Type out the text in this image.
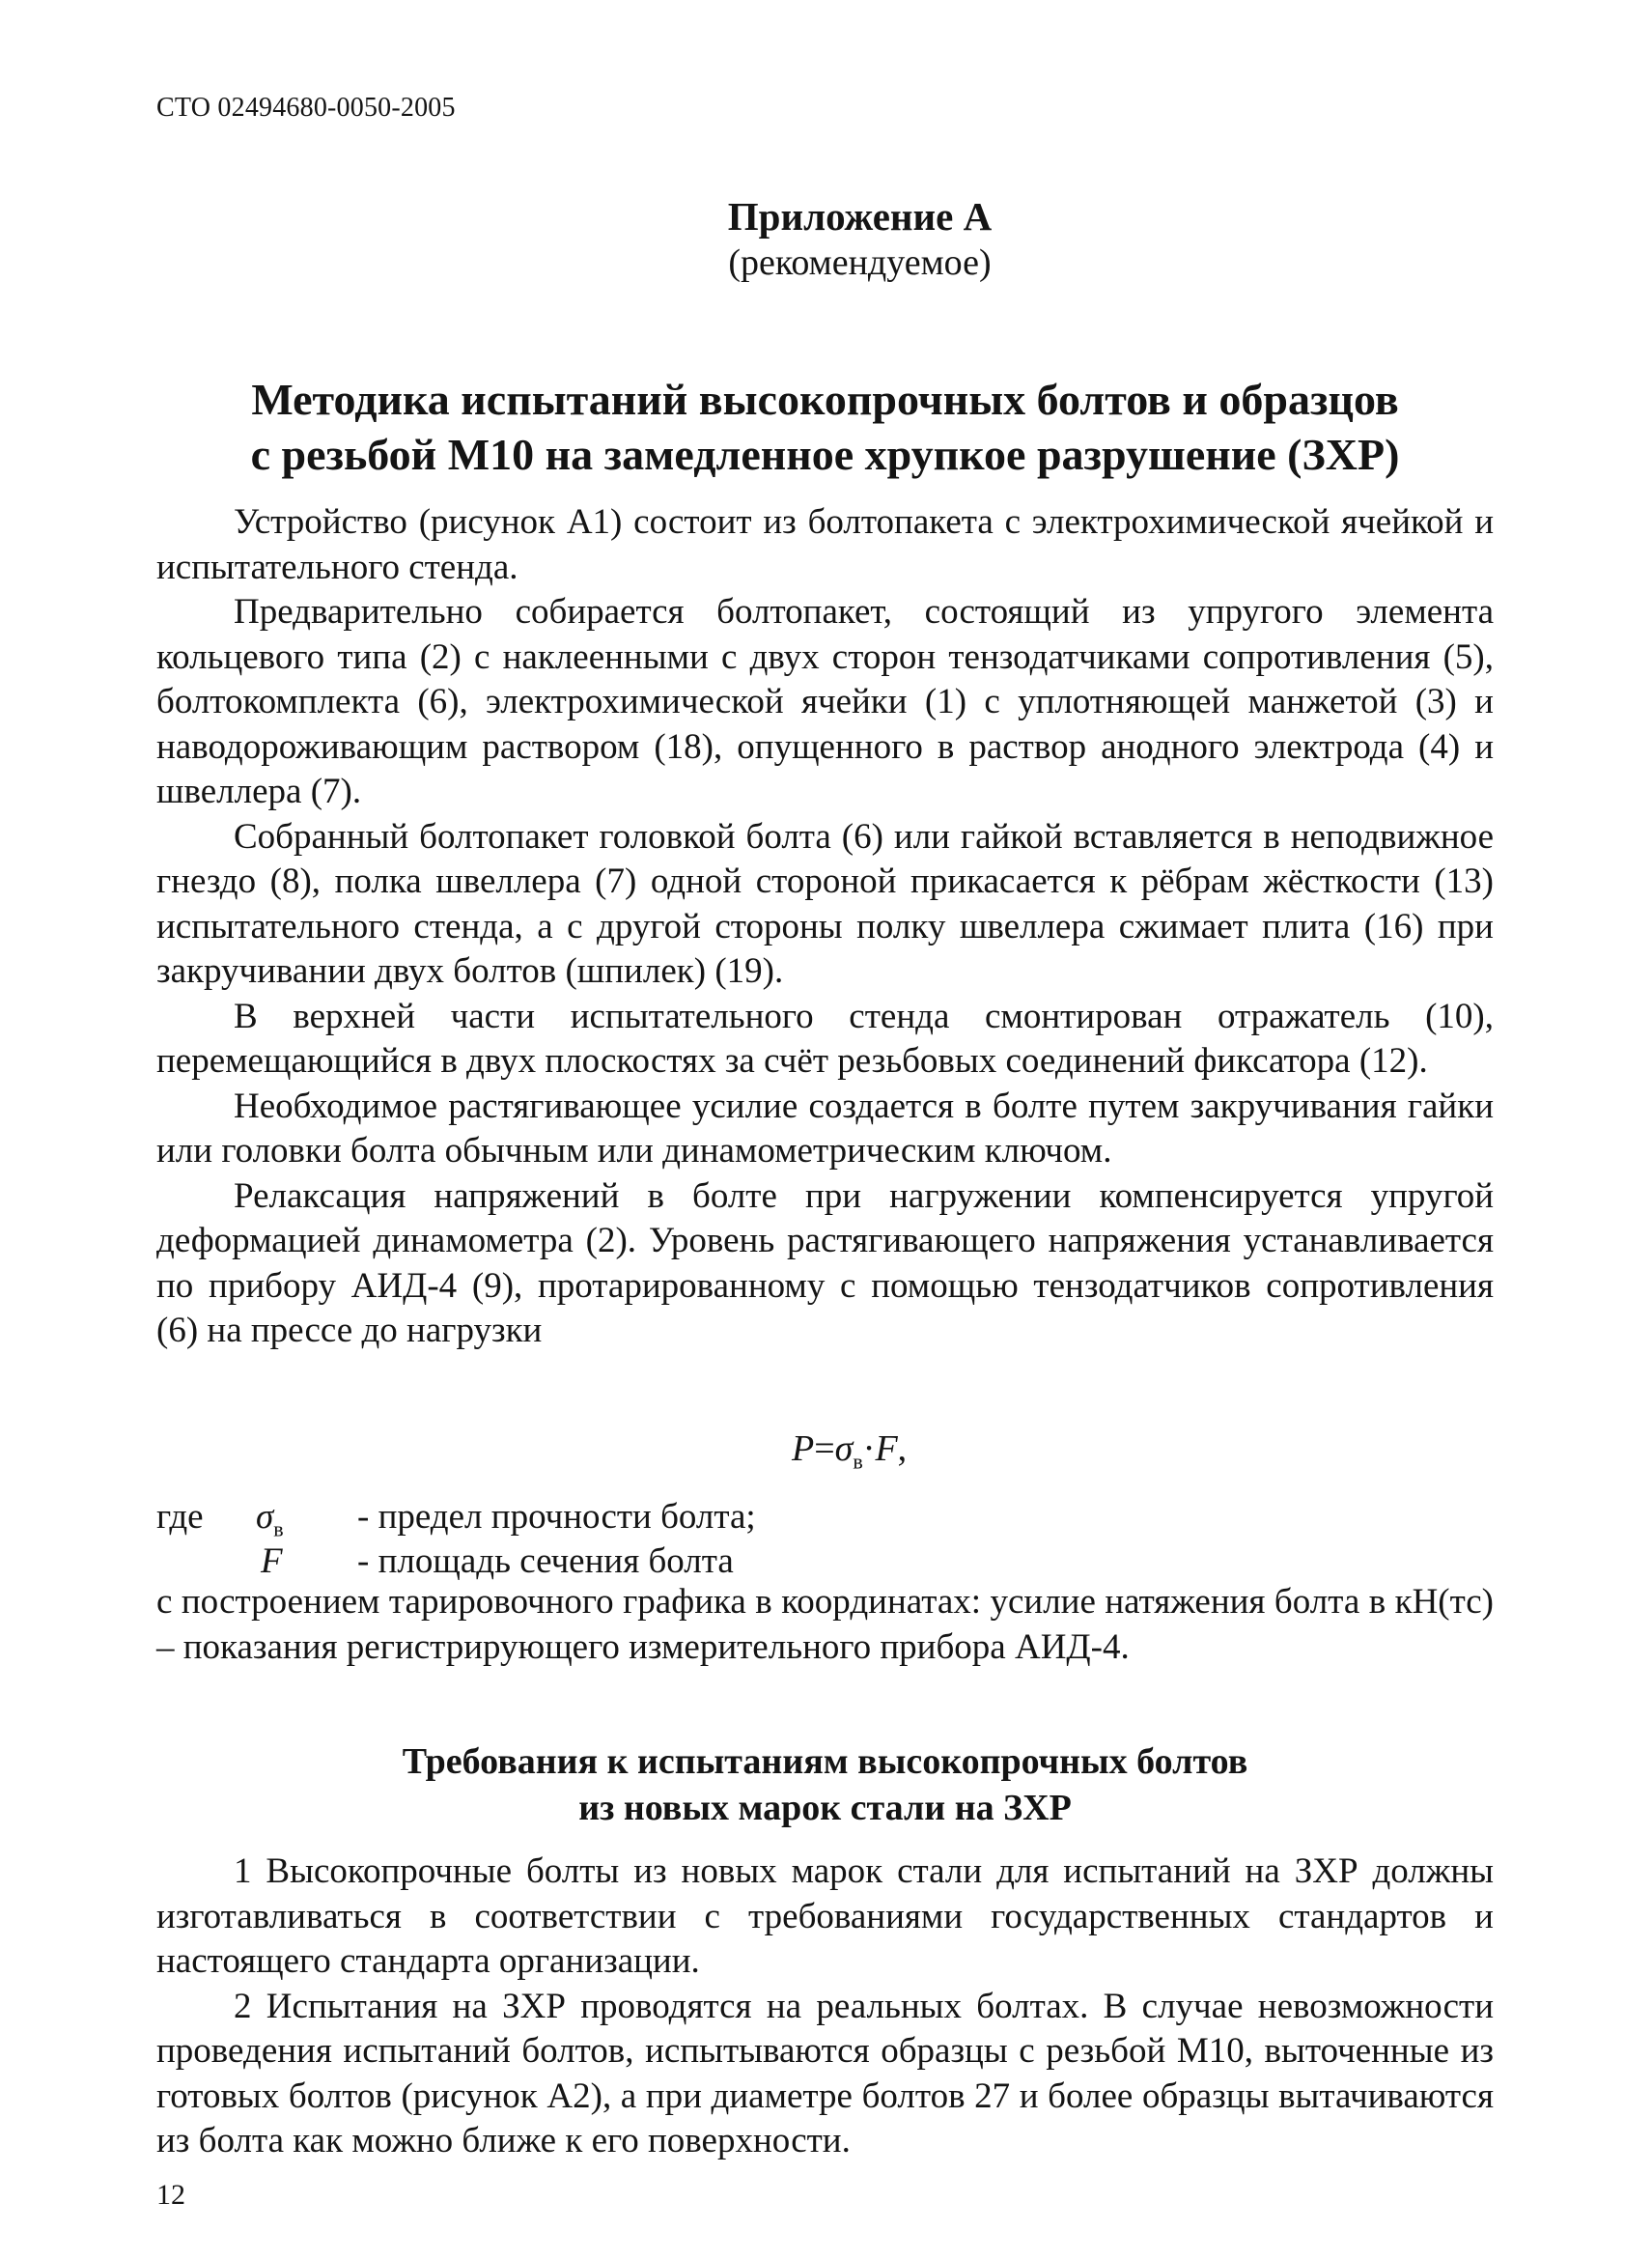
СТО 02494680-0050-2005
Приложение А
(рекомендуемое)
Методика испытаний высокопрочных болтов и образцов
с резьбой М10 на замедленное хрупкое разрушение (ЗХР)

Устройство (рисунок А1) состоит из болтопакета с электрохимической ячейкой и испытательного стенда.

Предварительно собирается болтопакет, состоящий из упругого элемента кольцевого типа (2) с наклеенными с двух сторон тензодатчиками сопротивления (5), болтокомплекта (6), электрохимической ячейки (1) с уплотняющей манжетой (3) и наводороживающим раствором (18), опущенного в раствор анодного электрода (4) и швеллера (7).

Собранный болтопакет головкой болта (6) или гайкой вставляется в неподвижное гнездо (8), полка швеллера (7) одной стороной прикасается к рёбрам жёсткости (13) испытательного стенда, а с другой стороны полку швеллера сжимает плита (16) при закручивании двух болтов (шпилек) (19).

В верхней части испытательного стенда смонтирован отражатель (10), перемещающийся в двух плоскостях за счёт резьбовых соединений фиксатора (12).

Необходимое растягивающее усилие создается в болте путем закручивания гайки или головки болта обычным или динамометрическим ключом.

Релаксация напряжений в болте при нагружении компенсируется упругой деформацией динамометра (2). Уровень растягивающего напряжения устанавливается по прибору АИД-4 (9), протарированному с помощью тензодатчиков сопротивления (6) на прессе до нагрузки

$P=\sigma_в\cdot F$,
где $\sigma_в$ - предел прочности болта;
F - площадь сечения болта

с построением тарировочного графика в координатах: усилие натяжения болта в кН(тс) – показания регистрирующего измерительного прибора АИД-4.

Требования к испытаниям высокопрочных болтов
из новых марок стали на ЗХР

1 Высокопрочные болты из новых марок стали для испытаний на ЗХР должны изготавливаться в соответствии с требованиями государственных стандартов и настоящего стандарта организации.

2 Испытания на ЗХР проводятся на реальных болтах. В случае невозможности проведения испытаний болтов, испытываются образцы с резьбой М10, выточенные из готовых болтов (рисунок А2), а при диаметре болтов 27 и более образцы вытачиваются из болта как можно ближе к его поверхности.

12
